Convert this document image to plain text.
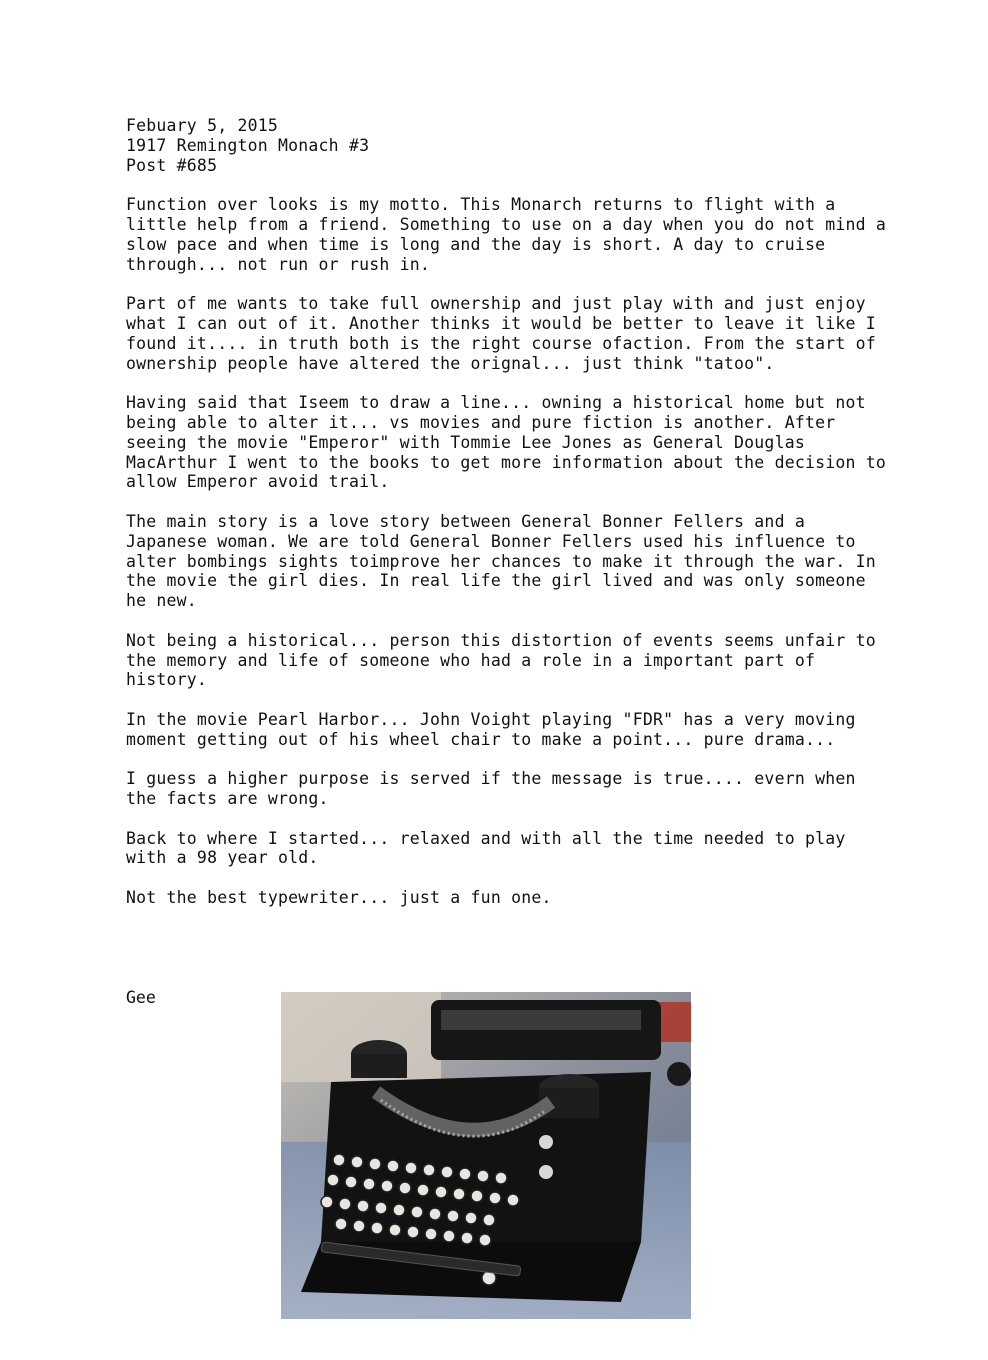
Febuary 5, 2015
1917 Remington Monach #3
Post #685

Function over looks is my motto. This Monarch returns to flight with a little help from a friend. Something to use on a day when you do not mind a slow pace and when time is long and the day is short. A day to cruise through... not run or rush in.

Part of me wants to take full ownership and just play with and just enjoy what I can out of it. Another thinks it would be better to leave it like I found it.... in truth both is the right course ofaction. From the start of ownership people have altered the orignal... just think "tatoo".

Having said that Iseem to draw a line... owning a historical home but not being able to alter it... vs movies and pure fiction is another. After seeing the movie "Emperor" with Tommie Lee Jones as General Douglas MacArthur I went to the books to get more information about the decision to allow Emperor avoid trail.

The main story is a love story between General Bonner Fellers and a Japanese woman. We are told General Bonner Fellers used his influence to alter bombings sights toimprove her chances to make it through the war. In the movie the girl dies. In real life the girl lived and was only someone he new.

Not being a historical... person this distortion of events seems unfair to the memory and life of someone who had a role in a important part of history.

In the movie Pearl Harbor... John Voight playing "FDR" has a very moving moment getting out of his wheel chair to make a point... pure drama...

I guess a higher purpose is served if the message is true.... evern when the facts are wrong.

Back to where I started... relaxed and with all the time needed to play with a 98 year old.

Not the best typewriter... just a fun one.

Gee
